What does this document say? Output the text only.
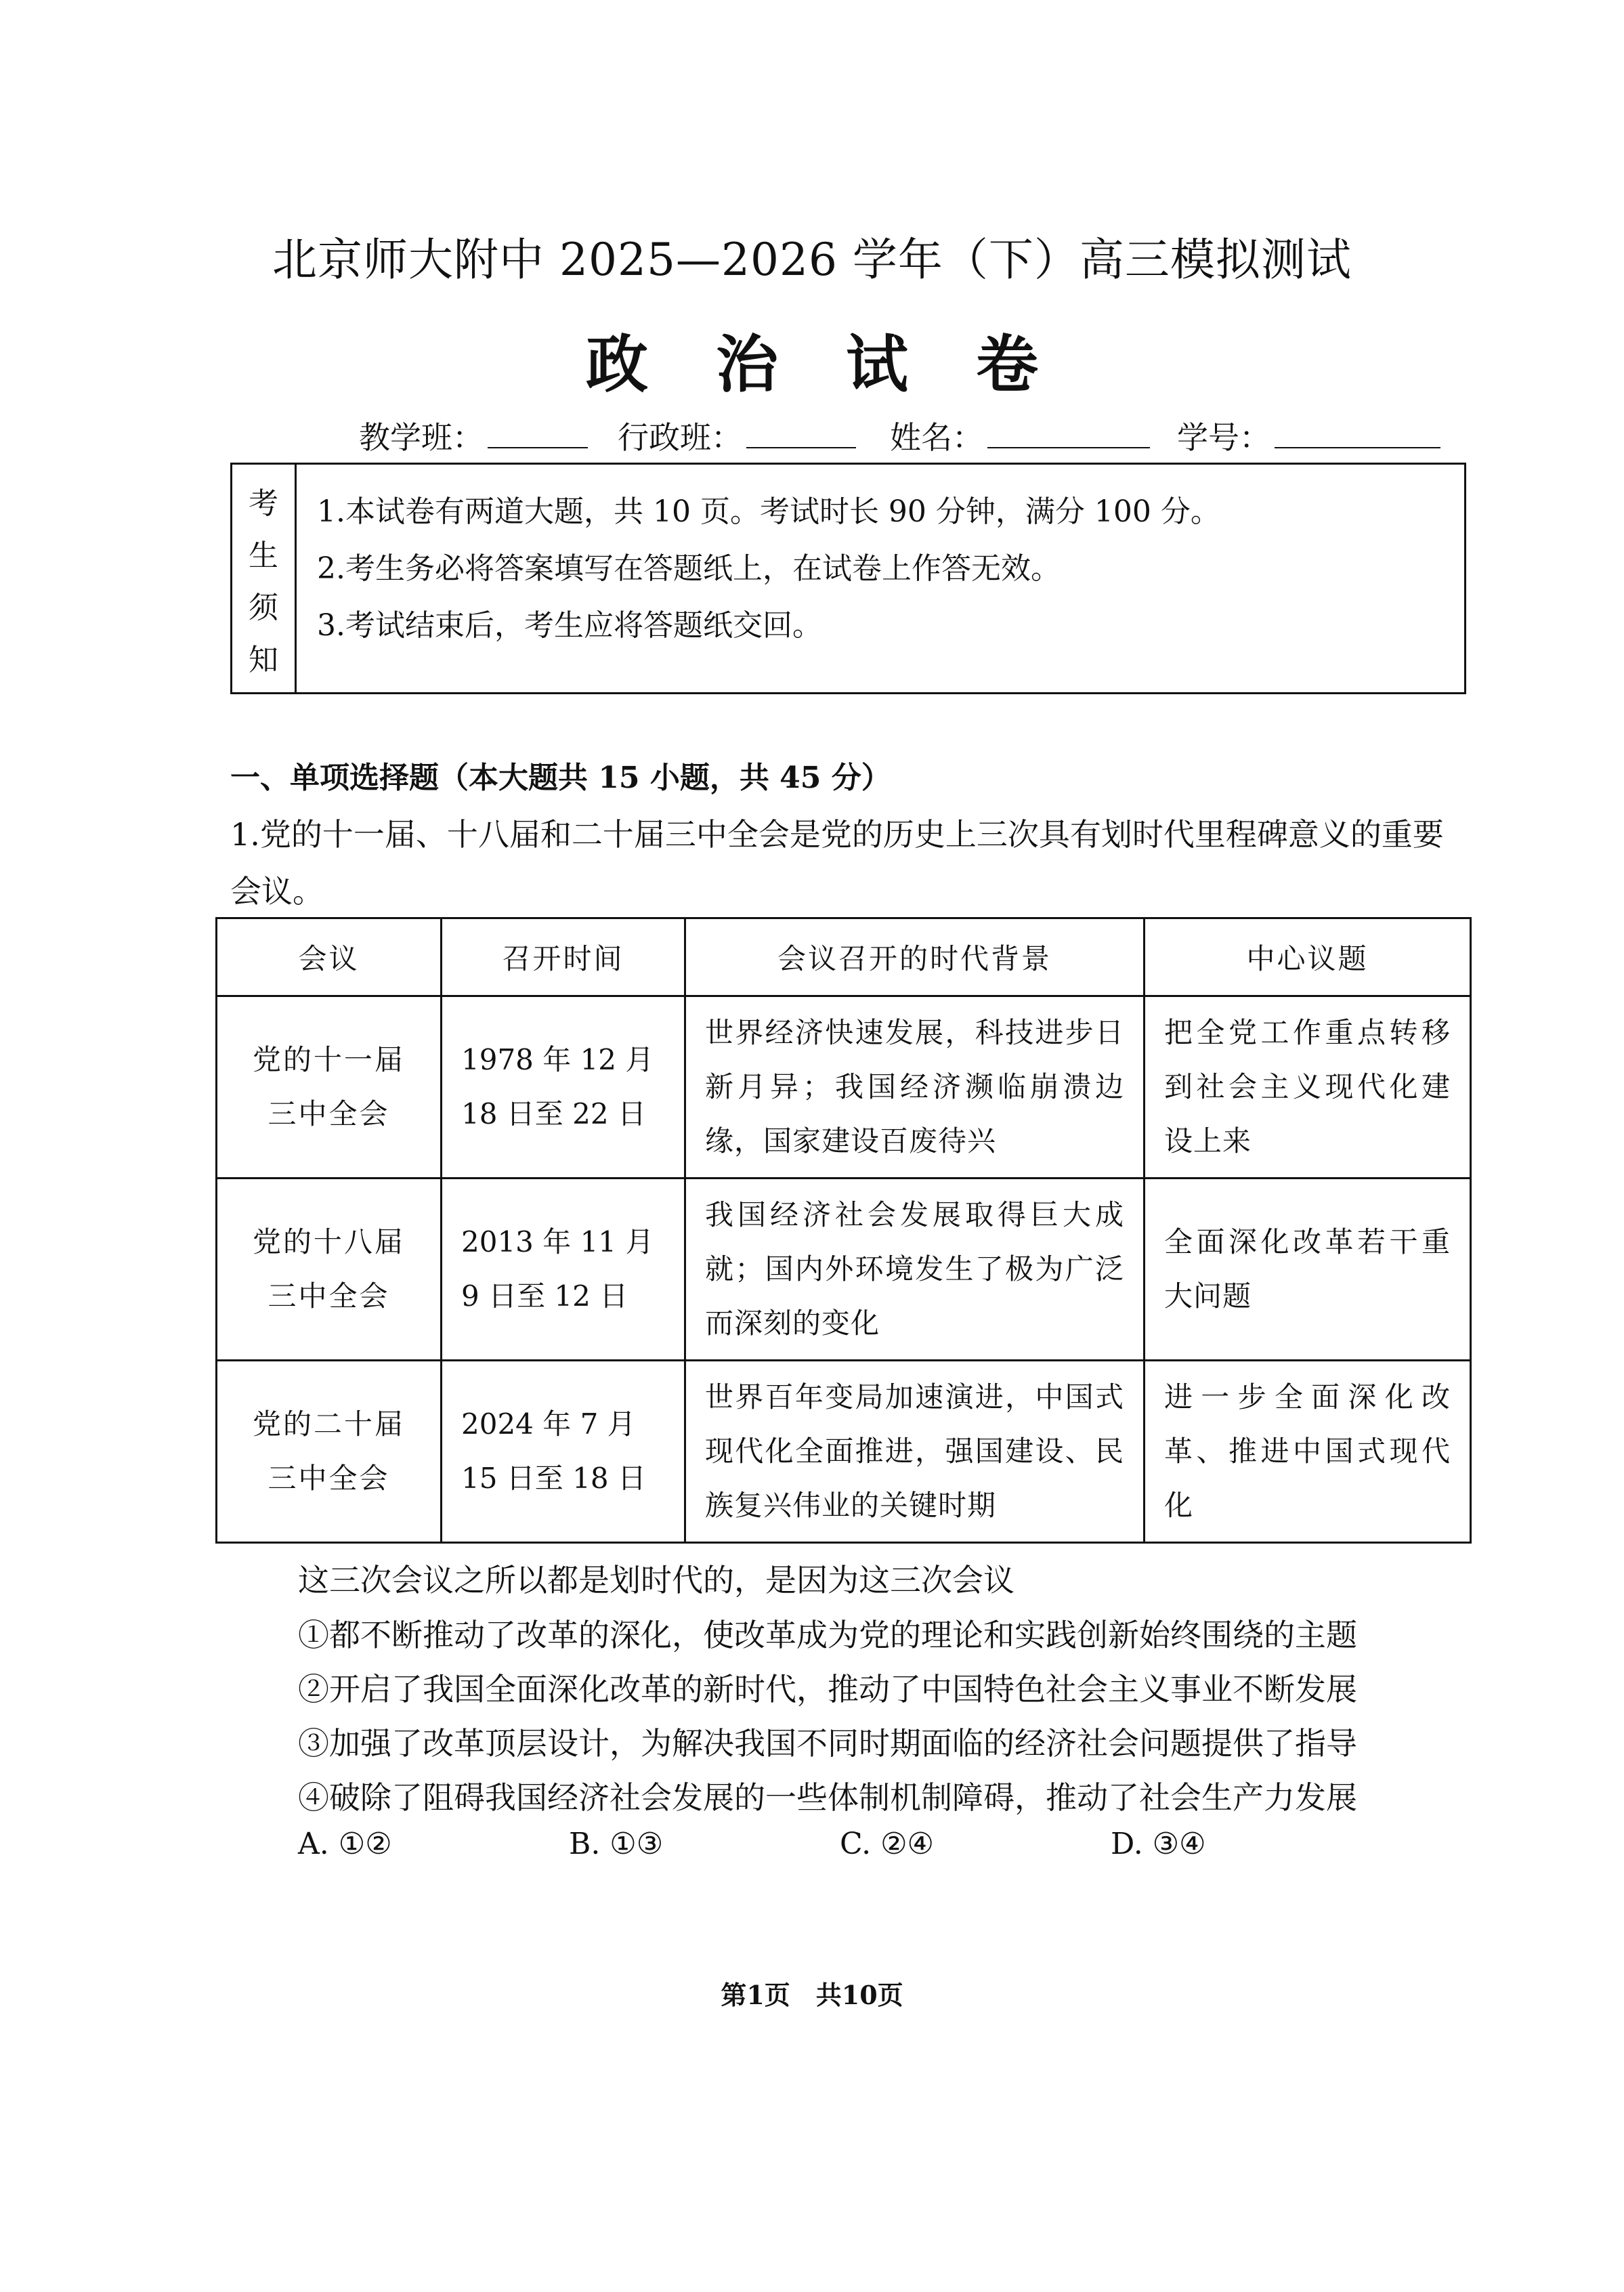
北京师大附中 2025—2026 学年（下）高三模拟测试
政 治 试 卷
教学班：	行政班：	姓名：	学号：
考
生
须
知
1.本试卷有两道大题，共 10 页。考试时长 90 分钟，满分 100 分。
2.考生务必将答案填写在答题纸上，在试卷上作答无效。
3.考试结束后，考生应将答题纸交回。
一、单项选择题（本大题共 15 小题，共 45 分）
1.党的十一届、十八届和二十届三中全会是党的历史上三次具有划时代里程碑意义的重要会议。
会议	召开时间	会议召开的时代背景	中心议题
党的十一届三中全会	1978 年 12 月 18 日至 22 日	世界经济快速发展，科技进步日新月异；我国经济濒临崩溃边缘，国家建设百废待兴	把全党工作重点转移到社会主义现代化建设上来
党的十八届三中全会	2013 年 11 月 9 日至 12 日	我国经济社会发展取得巨大成就；国内外环境发生了极为广泛而深刻的变化	全面深化改革若干重大问题
党的二十届三中全会	2024 年 7 月 15 日至 18 日	世界百年变局加速演进，中国式现代化全面推进，强国建设、民族复兴伟业的关键时期	进一步全面深化改革、推进中国式现代化
这三次会议之所以都是划时代的，是因为这三次会议
①都不断推动了改革的深化，使改革成为党的理论和实践创新始终围绕的主题
②开启了我国全面深化改革的新时代，推动了中国特色社会主义事业不断发展
③加强了改革顶层设计，为解决我国不同时期面临的经济社会问题提供了指导
④破除了阻碍我国经济社会发展的一些体制机制障碍，推动了社会生产力发展
A. ①②	B. ①③	C. ②④	D. ③④
第1页　共10页
